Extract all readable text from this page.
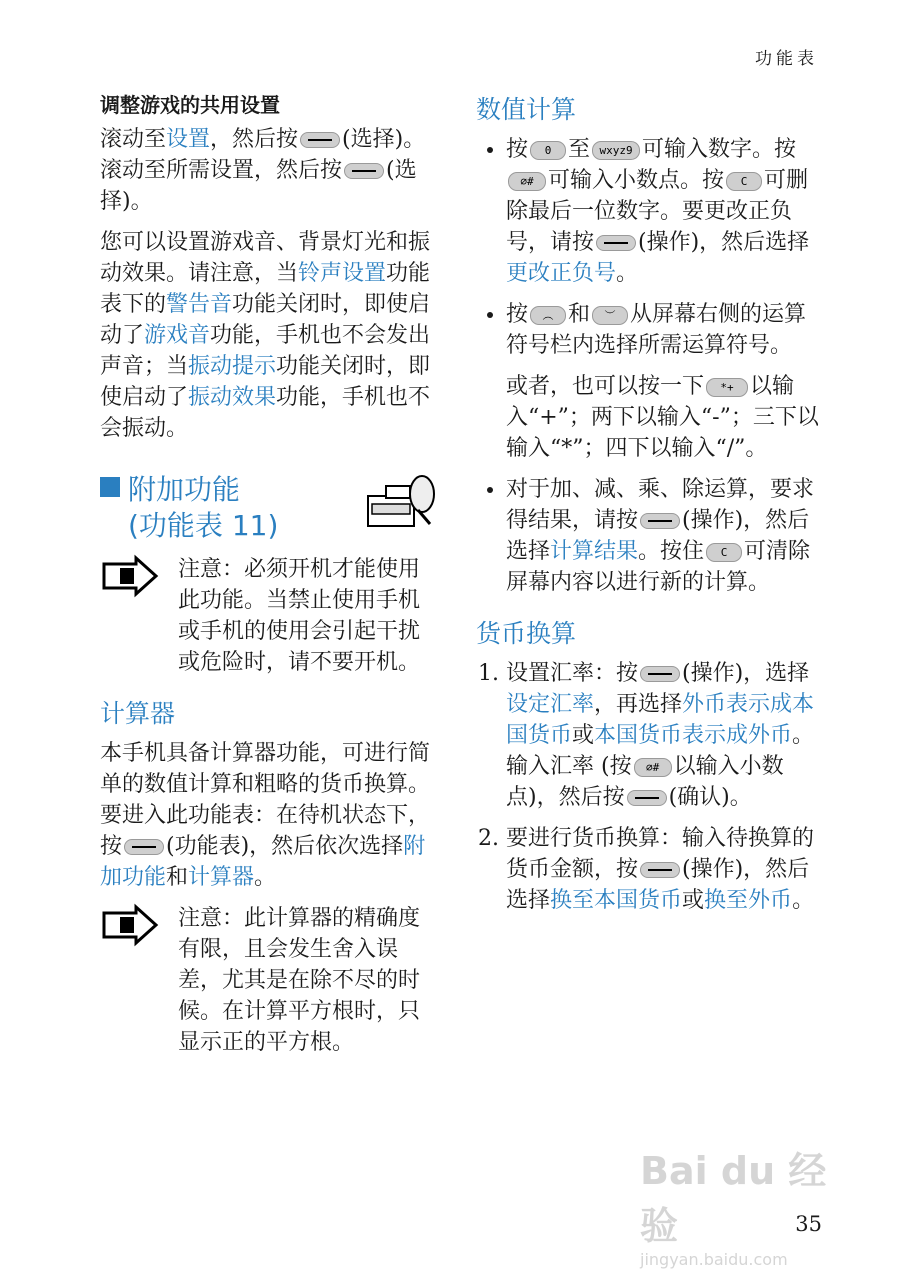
功能表
调整游戏的共用设置

滚动至设置，然后按 (选择)。滚动至所需设置，然后按 (选择)。

您可以设置游戏音、背景灯光和振动效果。请注意，当铃声设置功能表下的警告音功能关闭时，即使启动了游戏音功能，手机也不会发出声音；当振动提示功能关闭时，即使启动了振动效果功能，手机也不会振动。

附加功能
(功能表 11)
注意：必须开机才能使用此功能。当禁止使用手机或手机的使用会引起干扰或危险时，请不要开机。
计算器

本手机具备计算器功能，可进行简单的数值计算和粗略的货币换算。要进入此功能表：在待机状态下，按 (功能表)，然后依次选择附加功能和计算器。

注意：此计算器的精确度有限，且会发生舍入误差，尤其是在除不尽的时候。在计算平方根时，只显示正的平方根。
数值计算
• 按 0 至 wxyz9 可输入数字。按⌀# 可输入小数点。按 C 可删除最后一位数字。要更改正负号，请按 (操作)，然后选择更改正负号。
• 按 ︵ 和 ︶ 从屏幕右侧的运算符号栏内选择所需运算符号。
或者，也可以按一下 *+ 以输入“+”；两下以输入“-”；三下以输入“*”；四下以输入“/”。
• 对于加、减、乘、除运算，要求得结果，请按 (操作)，然后选择计算结果。按住 C 可清除屏幕内容以进行新的计算。
货币换算
1. 设置汇率：按 (操作)，选择设定汇率，再选择外币表示成本国货币或本国货币表示成外币。输入汇率 (按 ⌀# 以输入小数点)，然后按 (确认)。
2. 要进行货币换算：输入待换算的货币金额，按 (操作)，然后选择换至本国货币或换至外币。
Bai du 经验
jingyan.baidu.com
35
